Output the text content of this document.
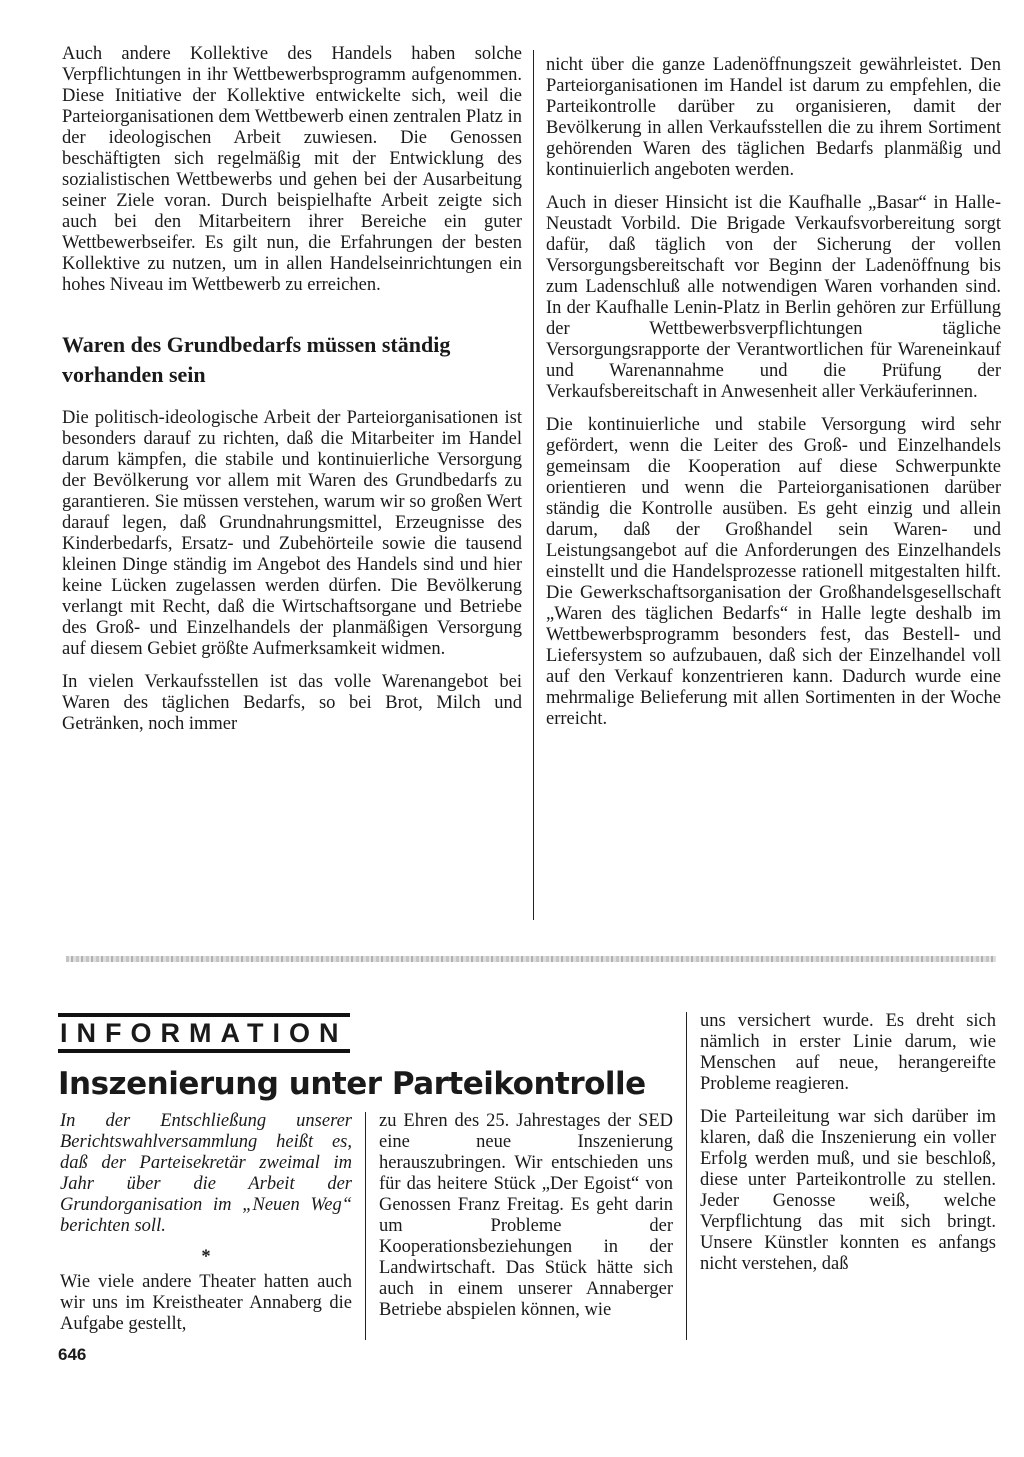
Auch andere Kollektive des Handels haben solche Verpflichtungen in ihr Wettbewerbsprogramm aufgenommen. Diese Initiative der Kollektive entwickelte sich, weil die Parteiorganisationen dem Wettbewerb einen zentralen Platz in der ideologischen Arbeit zuwiesen. Die Genossen beschäftigten sich regelmäßig mit der Entwicklung des sozialistischen Wettbewerbs und gehen bei der Ausarbeitung seiner Ziele voran. Durch beispielhafte Arbeit zeigte sich auch bei den Mitarbeitern ihrer Bereiche ein guter Wettbewerbseifer. Es gilt nun, die Erfahrungen der besten Kollektive zu nutzen, um in allen Handelseinrichtungen ein hohes Niveau im Wettbewerb zu erreichen.

Waren des Grundbedarfs müssen ständig vorhanden sein

Die politisch-ideologische Arbeit der Parteiorganisationen ist besonders darauf zu richten, daß die Mitarbeiter im Handel darum kämpfen, die stabile und kontinuierliche Versorgung der Bevölkerung vor allem mit Waren des Grundbedarfs zu garantieren. Sie müssen verstehen, warum wir so großen Wert darauf legen, daß Grundnahrungsmittel, Erzeugnisse des Kinderbedarfs, Ersatz- und Zubehörteile sowie die tausend kleinen Dinge ständig im Angebot des Handels sind und hier keine Lücken zugelassen werden dürfen. Die Bevölkerung verlangt mit Recht, daß die Wirtschaftsorgane und Betriebe des Groß- und Einzelhandels der planmäßigen Versorgung auf diesem Gebiet größte Aufmerksamkeit widmen.

In vielen Verkaufsstellen ist das volle Warenangebot bei Waren des täglichen Bedarfs, so bei Brot, Milch und Getränken, noch immer

nicht über die ganze Ladenöffnungszeit gewährleistet. Den Parteiorganisationen im Handel ist darum zu empfehlen, die Parteikontrolle darüber zu organisieren, damit der Bevölkerung in allen Verkaufsstellen die zu ihrem Sortiment gehörenden Waren des täglichen Bedarfs planmäßig und kontinuierlich angeboten werden.

Auch in dieser Hinsicht ist die Kaufhalle „Basar“ in Halle-Neustadt Vorbild. Die Brigade Verkaufsvorbereitung sorgt dafür, daß täglich von der Sicherung der vollen Versorgungsbereitschaft vor Beginn der Ladenöffnung bis zum Ladenschluß alle notwendigen Waren vorhanden sind. In der Kaufhalle Lenin-Platz in Berlin gehören zur Erfüllung der Wettbewerbsverpflichtungen tägliche Versorgungsrapporte der Verantwortlichen für Wareneinkauf und Warenannahme und die Prüfung der Verkaufsbereitschaft in Anwesenheit aller Verkäuferinnen.

Die kontinuierliche und stabile Versorgung wird sehr gefördert, wenn die Leiter des Groß- und Einzelhandels gemeinsam die Kooperation auf diese Schwerpunkte orientieren und wenn die Parteiorganisationen darüber ständig die Kontrolle ausüben. Es geht einzig und allein darum, daß der Großhandel sein Waren- und Leistungsangebot auf die Anforderungen des Einzelhandels einstellt und die Handelsprozesse rationell mitgestalten hilft. Die Gewerkschaftsorganisation der Großhandelsgesellschaft „Waren des täglichen Bedarfs“ in Halle legte deshalb im Wettbewerbsprogramm besonders fest, das Bestell- und Liefersystem so aufzubauen, daß sich der Einzelhandel voll auf den Verkauf konzentrieren kann. Dadurch wurde eine mehrmalige Belieferung mit allen Sortimenten in der Woche erreicht.

INFORMATION
Inszenierung unter Parteikontrolle

In der Entschließung unserer Berichtswahlversammlung heißt es, daß der Parteisekretär zweimal im Jahr über die Arbeit der Grundorganisation im „Neuen Weg“ berichten soll.

*

Wie viele andere Theater hatten auch wir uns im Kreistheater Annaberg die Aufgabe gestellt,

zu Ehren des 25. Jahrestages der SED eine neue Inszenierung herauszubringen. Wir entschieden uns für das heitere Stück „Der Egoist“ von Genossen Franz Freitag. Es geht darin um Probleme der Kooperationsbeziehungen in der Landwirtschaft. Das Stück hätte sich auch in einem unserer Annaberger Betriebe abspielen können, wie

uns versichert wurde. Es dreht sich nämlich in erster Linie darum, wie Menschen auf neue, herangereifte Probleme reagieren.

Die Parteileitung war sich darüber im klaren, daß die Inszenierung ein voller Erfolg werden muß, und sie beschloß, diese unter Parteikontrolle zu stellen. Jeder Genosse weiß, welche Verpflichtung das mit sich bringt. Unsere Künstler konnten es anfangs nicht verstehen, daß

646
